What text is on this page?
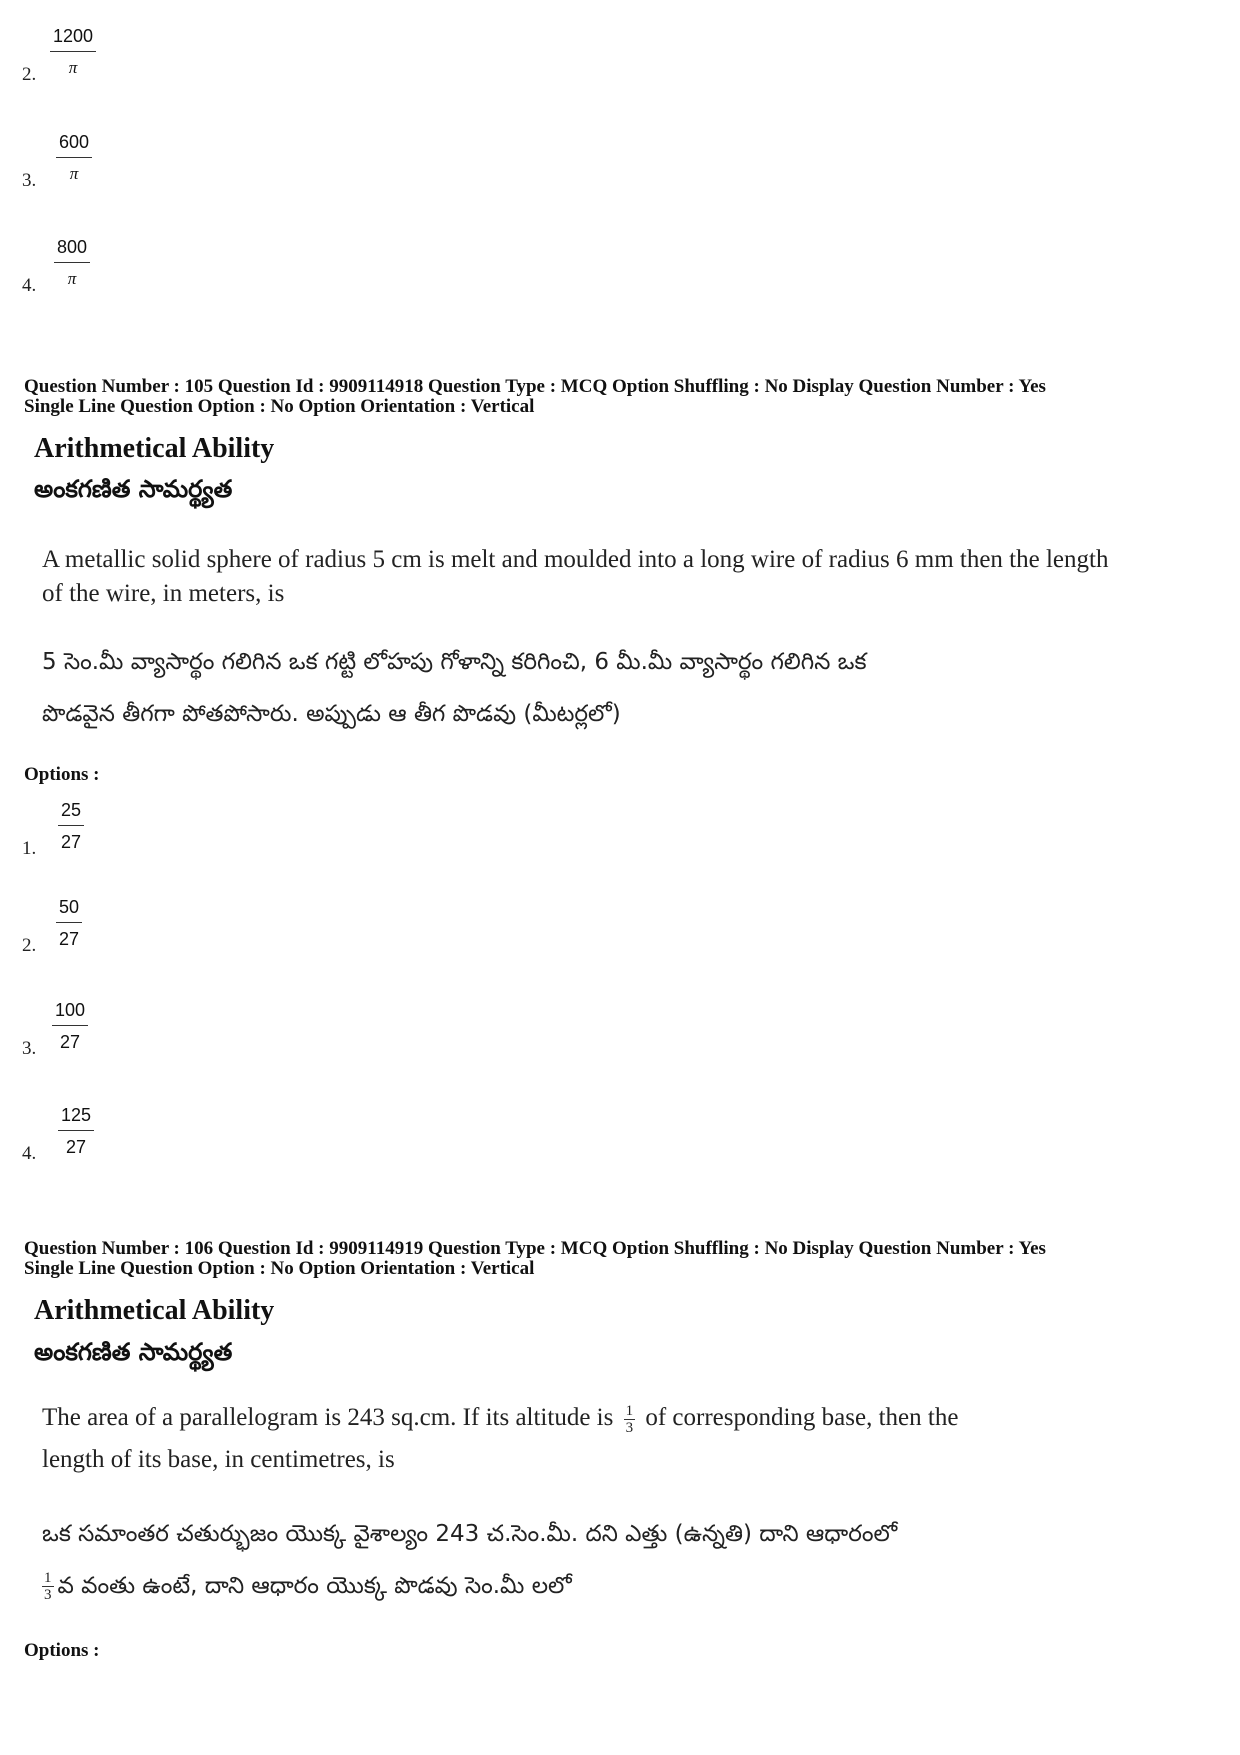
2. $\frac{1200}{\pi}$
3. $\frac{600}{\pi}$
4. $\frac{800}{\pi}$
Question Number : 105 Question Id : 9909114918 Question Type : MCQ Option Shuffling : No Display Question Number : Yes
Single Line Question Option : No Option Orientation : Vertical
Arithmetical Ability
అంకగణిత సామర్థ్యత
A metallic solid sphere of radius 5 cm is melt and moulded into a long wire of radius 6 mm then the length of the wire, in meters, is
5 సెం.మీ వ్యాసార్థం గలిగిన ఒక గట్టి లోహపు గోళాన్ని కరిగించి, 6 మీ.మీ వ్యాసార్థం గలిగిన ఒక
పొడవైన తీగగా పోతపోసారు. అప్పుడు ఆ తీగ పొడవు (మీటర్లలో)
Options :
1. $\frac{25}{27}$
2. $\frac{50}{27}$
3. $\frac{100}{27}$
4. $\frac{125}{27}$
Question Number : 106 Question Id : 9909114919 Question Type : MCQ Option Shuffling : No Display Question Number : Yes
Single Line Question Option : No Option Orientation : Vertical
Arithmetical Ability
అంకగణిత సామర్థ్యత
The area of a parallelogram is 243 sq.cm. If its altitude is $\frac{1}{3}$ of corresponding base, then the
length of its base, in centimetres, is
ఒక సమాంతర చతుర్భుజం యొక్క వైశాల్యం 243 చ.సెం.మీ. దని ఎత్తు (ఉన్నతి) దాని ఆధారంలో
$\frac{1}{3}$ వ వంతు ఉంటే, దాని ఆధారం యొక్క పొడవు సెం.మీ లలో
Options :
